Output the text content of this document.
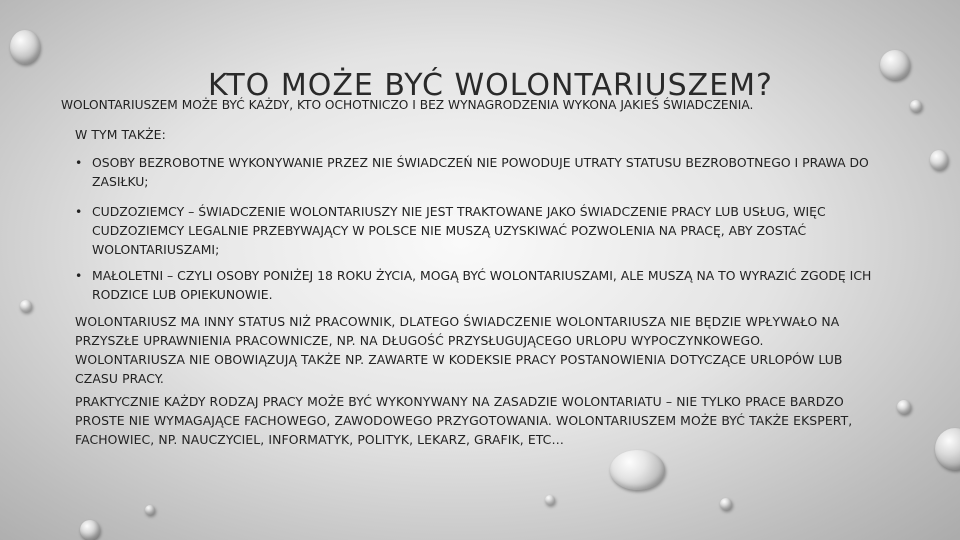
KTO MOŻE BYĆ WOLONTARIUSZEM?
WOLONTARIUSZEM MOŻE BYĆ KAŻDY, KTO OCHOTNICZO I BEZ WYNAGRODZENIA WYKONA JAKIEŚ ŚWIADCZENIA.
W TYM TAKŻE:
• OSOBY BEZROBOTNE WYKONYWANIE PRZEZ NIE ŚWIADCZEŃ NIE POWODUJE UTRATY STATUSU BEZROBOTNEGO I PRAWA DO ZASIŁKU;
• CUDZOZIEMCY – ŚWIADCZENIE WOLONTARIUSZY NIE JEST TRAKTOWANE JAKO ŚWIADCZENIE PRACY LUB USŁUG, WIĘC CUDZOZIEMCY LEGALNIE PRZEBYWAJĄCY W POLSCE NIE MUSZĄ UZYSKIWAĆ POZWOLENIA NA PRACĘ, ABY ZOSTAĆ WOLONTARIUSZAMI;
• MAŁOLETNI – CZYLI OSOBY PONIŻEJ 18 ROKU ŻYCIA, MOGĄ BYĆ WOLONTARIUSZAMI, ALE MUSZĄ NA TO WYRAZIĆ ZGODĘ ICH RODZICE LUB OPIEKUNOWIE.
WOLONTARIUSZ MA INNY STATUS NIŻ PRACOWNIK, DLATEGO ŚWIADCZENIE WOLONTARIUSZA NIE BĘDZIE WPŁYWAŁO NA PRZYSZŁE UPRAWNIENIA PRACOWNICZE, NP. NA DŁUGOŚĆ PRZYSŁUGUJĄCEGO URLOPU WYPOCZYNKOWEGO. WOLONTARIUSZA NIE OBOWIĄZUJĄ TAKŻE NP. ZAWARTE W KODEKSIE PRACY POSTANOWIENIA DOTYCZĄCE URLOPÓW LUB CZASU PRACY.
PRAKTYCZNIE KAŻDY RODZAJ PRACY MOŻE BYĆ WYKONYWANY NA ZASADZIE WOLONTARIATU – NIE TYLKO PRACE BARDZO PROSTE NIE WYMAGAJĄCE FACHOWEGO, ZAWODOWEGO PRZYGOTOWANIA. WOLONTARIUSZEM MOŻE BYĆ TAKŻE EKSPERT, FACHOWIEC, NP. NAUCZYCIEL, INFORMATYK, POLITYK, LEKARZ, GRAFIK, ETC…
